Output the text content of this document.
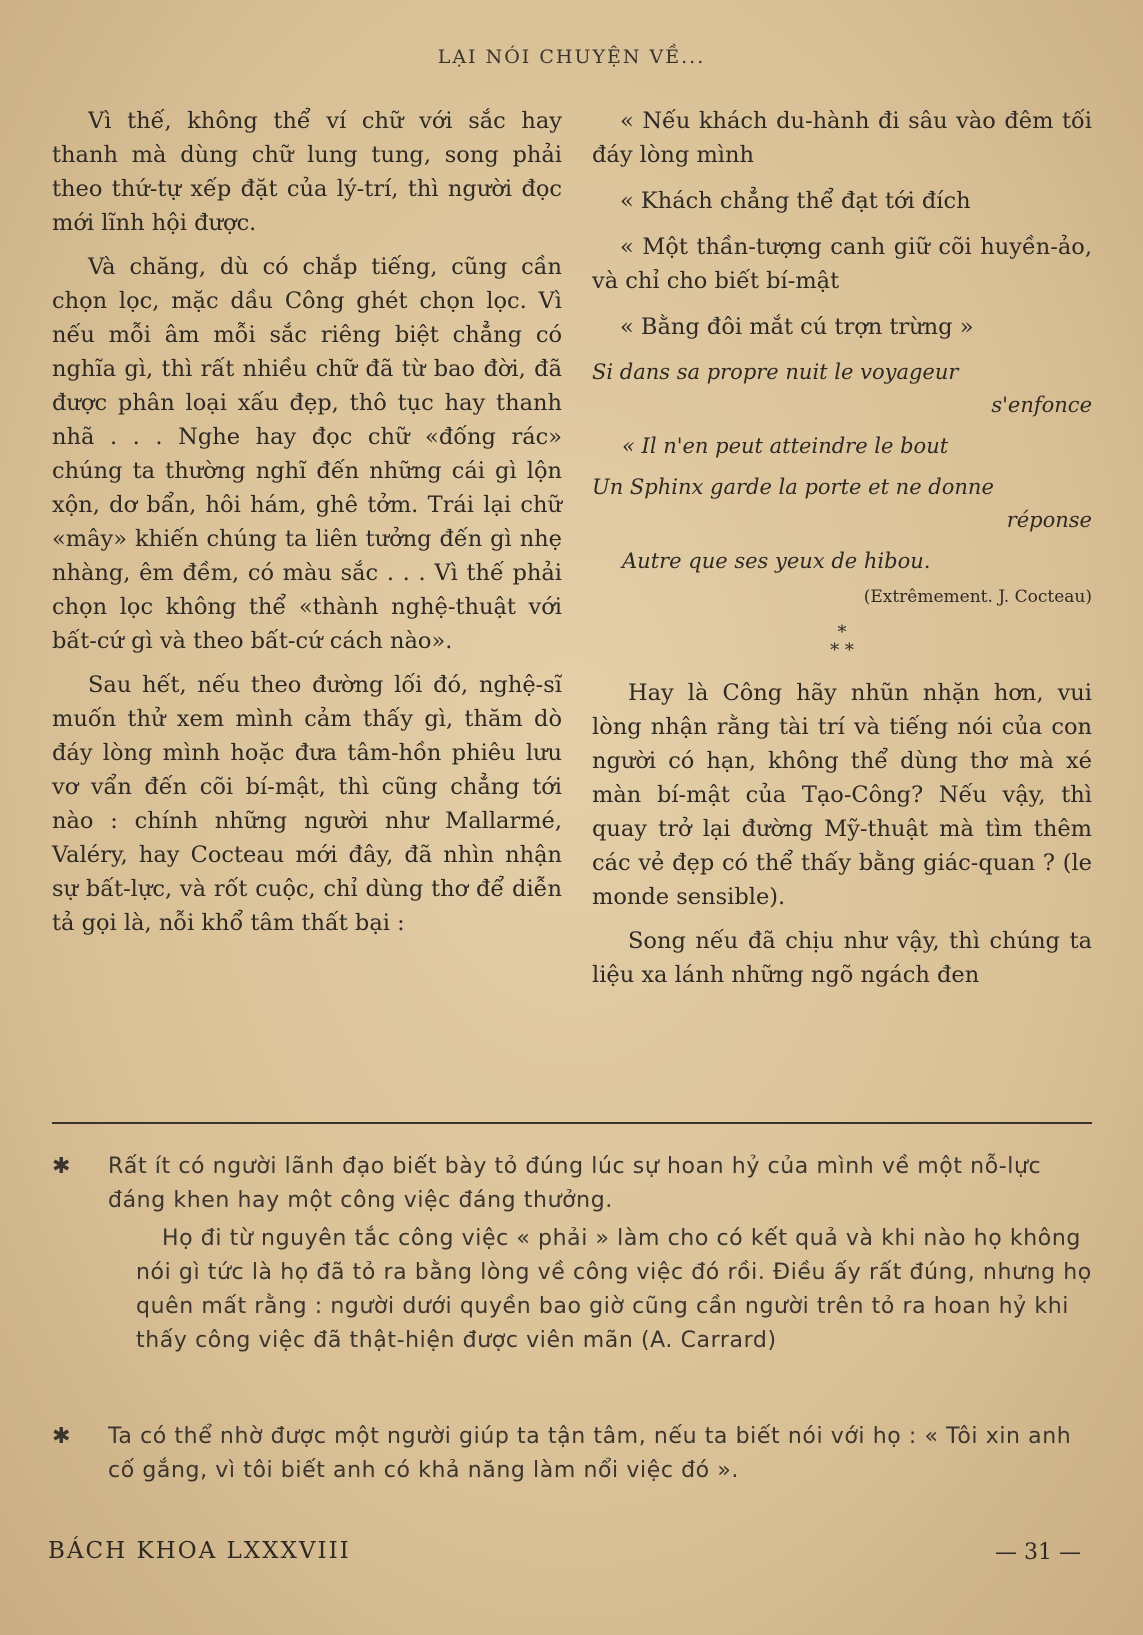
LẠI NÓI CHUYỆN VỀ...

Vì thế, không thể ví chữ với sắc hay thanh mà dùng chữ lung tung, song phải theo thứ-tự xếp đặt của lý-trí, thì người đọc mới lĩnh hội được.

Và chăng, dù có chắp tiếng, cũng cần chọn lọc, mặc dầu Công ghét chọn lọc. Vì nếu mỗi âm mỗi sắc riêng biệt chẳng có nghĩa gì, thì rất nhiều chữ đã từ bao đời, đã được phân loại xấu đẹp, thô tục hay thanh nhã . . . Nghe hay đọc chữ «đống rác» chúng ta thường nghĩ đến những cái gì lộn xộn, dơ bẩn, hôi hám, ghê tởm. Trái lại chữ «mây» khiến chúng ta liên tưởng đến gì nhẹ nhàng, êm đềm, có màu sắc . . . Vì thế phải chọn lọc không thể «thành nghệ-thuật với bất-cứ gì và theo bất-cứ cách nào».

Sau hết, nếu theo đường lối đó, nghệ-sĩ muốn thử xem mình cảm thấy gì, thăm dò đáy lòng mình hoặc đưa tâm-hồn phiêu lưu vơ vẩn đến cõi bí-mật, thì cũng chẳng tới nào : chính những người như Mallarmé, Valéry, hay Cocteau mới đây, đã nhìn nhận sự bất-lực, và rốt cuộc, chỉ dùng thơ để diễn tả gọi là, nỗi khổ tâm thất bại :

« Nếu khách du-hành đi sâu vào đêm tối đáy lòng mình

« Khách chẳng thể đạt tới đích

« Một thần-tượng canh giữ cõi huyền-ảo, và chỉ cho biết bí-mật

« Bằng đôi mắt cú trợn trừng »

Si dans sa propre nuit le voyageur
s'enfonce
« Il n'en peut atteindre le bout
Un Sphinx garde la porte et ne donne
réponse
Autre que ses yeux de hibou.
(Extrêmement. J. Cocteau)
*
* *

Hay là Công hãy nhũn nhặn hơn, vui lòng nhận rằng tài trí và tiếng nói của con người có hạn, không thể dùng thơ mà xé màn bí-mật của Tạo-Công? Nếu vậy, thì quay trở lại đường Mỹ-thuật mà tìm thêm các vẻ đẹp có thể thấy bằng giác-quan ? (le monde sensible).

Song nếu đã chịu như vậy, thì chúng ta liệu xa lánh những ngõ ngách đen

✱	Rất ít có người lãnh đạo biết bày tỏ đúng lúc sự hoan hỷ của mình về một nỗ-lực đáng khen hay một công việc đáng thưởng.

Họ đi từ nguyên tắc công việc « phải » làm cho có kết quả và khi nào họ không nói gì tức là họ đã tỏ ra bằng lòng về công việc đó rồi. Điều ấy rất đúng, nhưng họ quên mất rằng : người dưới quyền bao giờ cũng cần người trên tỏ ra hoan hỷ khi thấy công việc đã thật-hiện được viên mãn (A. Carrard)

✱	Ta có thể nhờ được một người giúp ta tận tâm, nếu ta biết nói với họ : « Tôi xin anh cố gắng, vì tôi biết anh có khả năng làm nổi việc đó ».

BÁCH KHOA LXXXVIII	— 31 —
